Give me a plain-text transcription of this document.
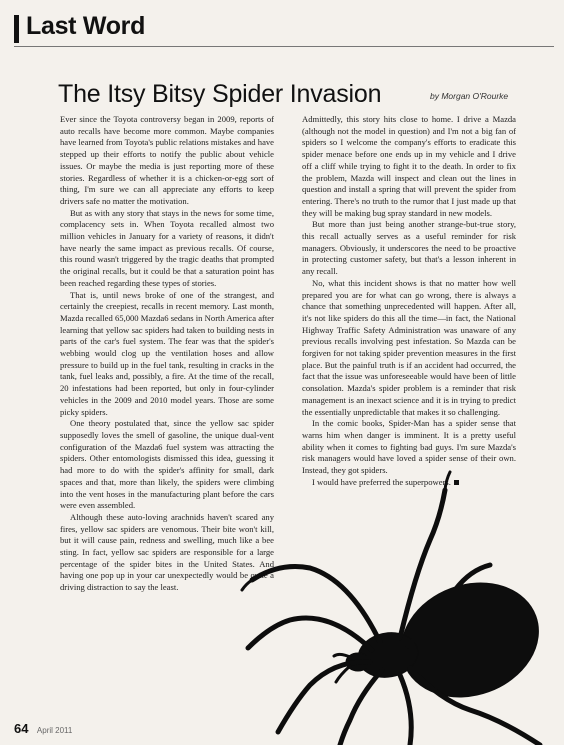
Last Word
The Itsy Bitsy Spider Invasion	by Morgan O'Rourke

Ever since the Toyota controversy began in 2009, reports of auto recalls have become more common. Maybe companies have learned from Toyota's public relations mistakes and have stepped up their efforts to notify the public about vehicle issues. Or maybe the media is just reporting more of these stories. Regardless of whether it is a chicken-or-egg sort of thing, I'm sure we can all appreciate any efforts to keep drivers safe no matter the motivation.

But as with any story that stays in the news for some time, complacency sets in. When Toyota recalled almost two million vehicles in January for a variety of reasons, it didn't have nearly the same impact as previous recalls. Of course, this round wasn't triggered by the tragic deaths that prompted the original recalls, but it could be that a saturation point has been reached regarding these types of stories.

That is, until news broke of one of the strangest, and certainly the creepiest, recalls in recent memory. Last month, Mazda recalled 65,000 Mazda6 sedans in North America after learning that yellow sac spiders had taken to building nests in parts of the car's fuel system. The fear was that the spider's webbing would clog up the ventilation hoses and allow pressure to build up in the fuel tank, resulting in cracks in the tank, fuel leaks and, possibly, a fire. At the time of the recall, 20 infestations had been reported, but only in four-cylinder vehicles in the 2009 and 2010 model years. Those are some picky spiders.

One theory postulated that, since the yellow sac spider supposedly loves the smell of gasoline, the unique dual-vent configuration of the Mazda6 fuel system was attracting the spiders. Other entomologists dismissed this idea, guessing it had more to do with the spider's affinity for small, dark spaces and that, more than likely, the spiders were climbing into the vent hoses in the manufacturing plant before the cars were even assembled.

Although these auto-loving arachnids haven't scared any fires, yellow sac spiders are venomous. Their bite won't kill, but it will cause pain, redness and swelling, much like a bee sting. In fact, yellow sac spiders are responsible for a large percentage of the spider bites in the United States. And having one pop up in your car unexpectedly would be quite a driving distraction to say the least.

Admittedly, this story hits close to home. I drive a Mazda (although not the model in question) and I'm not a big fan of spiders so I welcome the company's efforts to eradicate this spider menace before one ends up in my vehicle and I drive off a cliff while trying to fight it to the death. In order to fix the problem, Mazda will inspect and clean out the lines in question and install a spring that will prevent the spider from entering. There's no truth to the rumor that I just made up that they will be making bug spray standard in new models.

But more than just being another strange-but-true story, this recall actually serves as a useful reminder for risk managers. Obviously, it underscores the need to be proactive in protecting customer safety, but that's a lesson inherent in any recall.

No, what this incident shows is that no matter how well prepared you are for what can go wrong, there is always a chance that something unprecedented will happen. After all, it's not like spiders do this all the time—in fact, the National Highway Traffic Safety Administration was unaware of any previous recalls involving pest infestation. So Mazda can be forgiven for not taking spider prevention measures in the first place. But the painful truth is if an accident had occurred, the fact that the issue was unforeseeable would have been of little consolation. Mazda's spider problem is a reminder that risk management is an inexact science and it is in trying to predict the essentially unpredictable that makes it so challenging.

In the comic books, Spider-Man has a spider sense that warns him when danger is imminent. It is a pretty useful ability when it comes to fighting bad guys. I'm sure Mazda's risk managers would have loved a spider sense of their own. Instead, they got spiders.

I would have preferred the superpowers.

64 April 2011
